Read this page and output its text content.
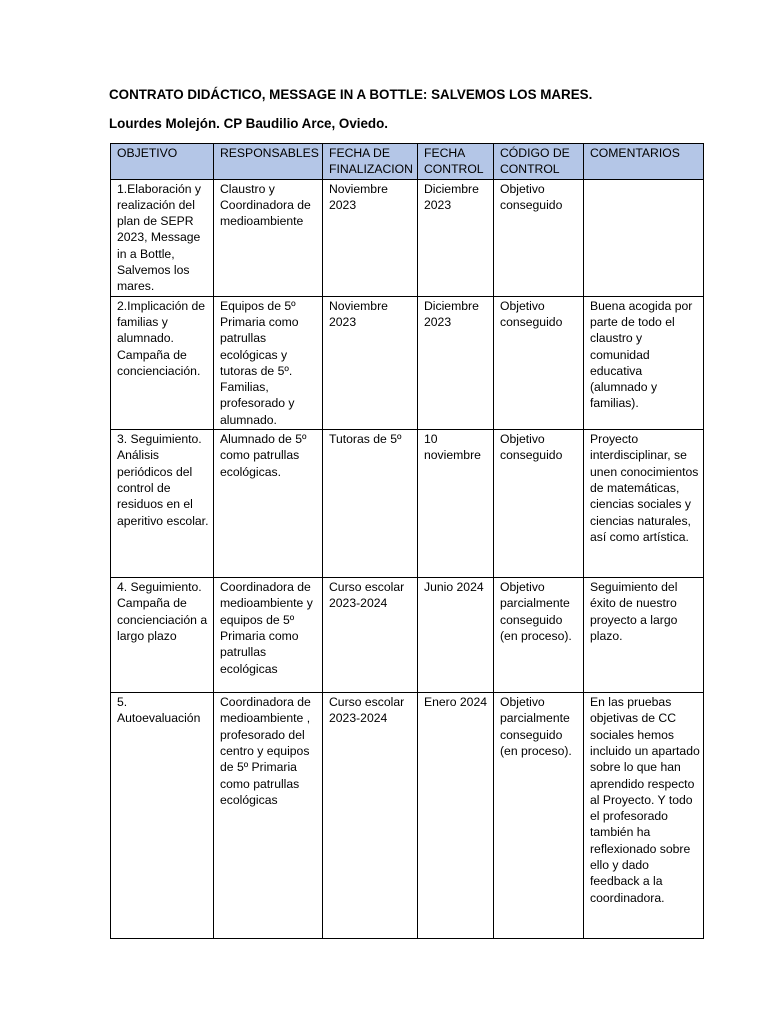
CONTRATO DIDÁCTICO, MESSAGE IN A BOTTLE: SALVEMOS LOS MARES.
Lourdes Molejón. CP Baudilio Arce, Oviedo.
OBJETIVO	RESPONSABLES	FECHA DE FINALIZACION	FECHA CONTROL	CÓDIGO DE CONTROL	COMENTARIOS
1.Elaboración y realización del plan de SEPR 2023, Message in a Bottle, Salvemos los mares.	Claustro y Coordinadora de medioambiente	Noviembre 2023	Diciembre 2023	Objetivo conseguido	
2.Implicación de familias y alumnado. Campaña de concienciación.	Equipos de 5º Primaria como patrullas ecológicas y tutoras de 5º. Familias, profesorado y alumnado.	Noviembre 2023	Diciembre 2023	Objetivo conseguido	Buena acogida por parte de todo el claustro y comunidad educativa (alumnado y familias).
3. Seguimiento. Análisis periódicos del control de residuos en el aperitivo escolar.	Alumnado de 5º como patrullas ecológicas.	Tutoras de 5º	10 noviembre	Objetivo conseguido	Proyecto interdisciplinar, se unen conocimientos de matemáticas, ciencias sociales y ciencias naturales, así como artística.
4. Seguimiento. Campaña de concienciación a largo plazo	Coordinadora de medioambiente y equipos de 5º Primaria como patrullas ecológicas	Curso escolar 2023-2024	Junio 2024	Objetivo parcialmente conseguido (en proceso).	Seguimiento del éxito de nuestro proyecto a largo plazo.
5. Autoevaluación	Coordinadora de medioambiente , profesorado del centro y equipos de 5º Primaria como patrullas ecológicas	Curso escolar 2023-2024	Enero 2024	Objetivo parcialmente conseguido (en proceso).	En las pruebas objetivas de CC sociales hemos incluido un apartado sobre lo que han aprendido respecto al Proyecto. Y todo el profesorado también ha reflexionado sobre ello y dado feedback a la coordinadora.
